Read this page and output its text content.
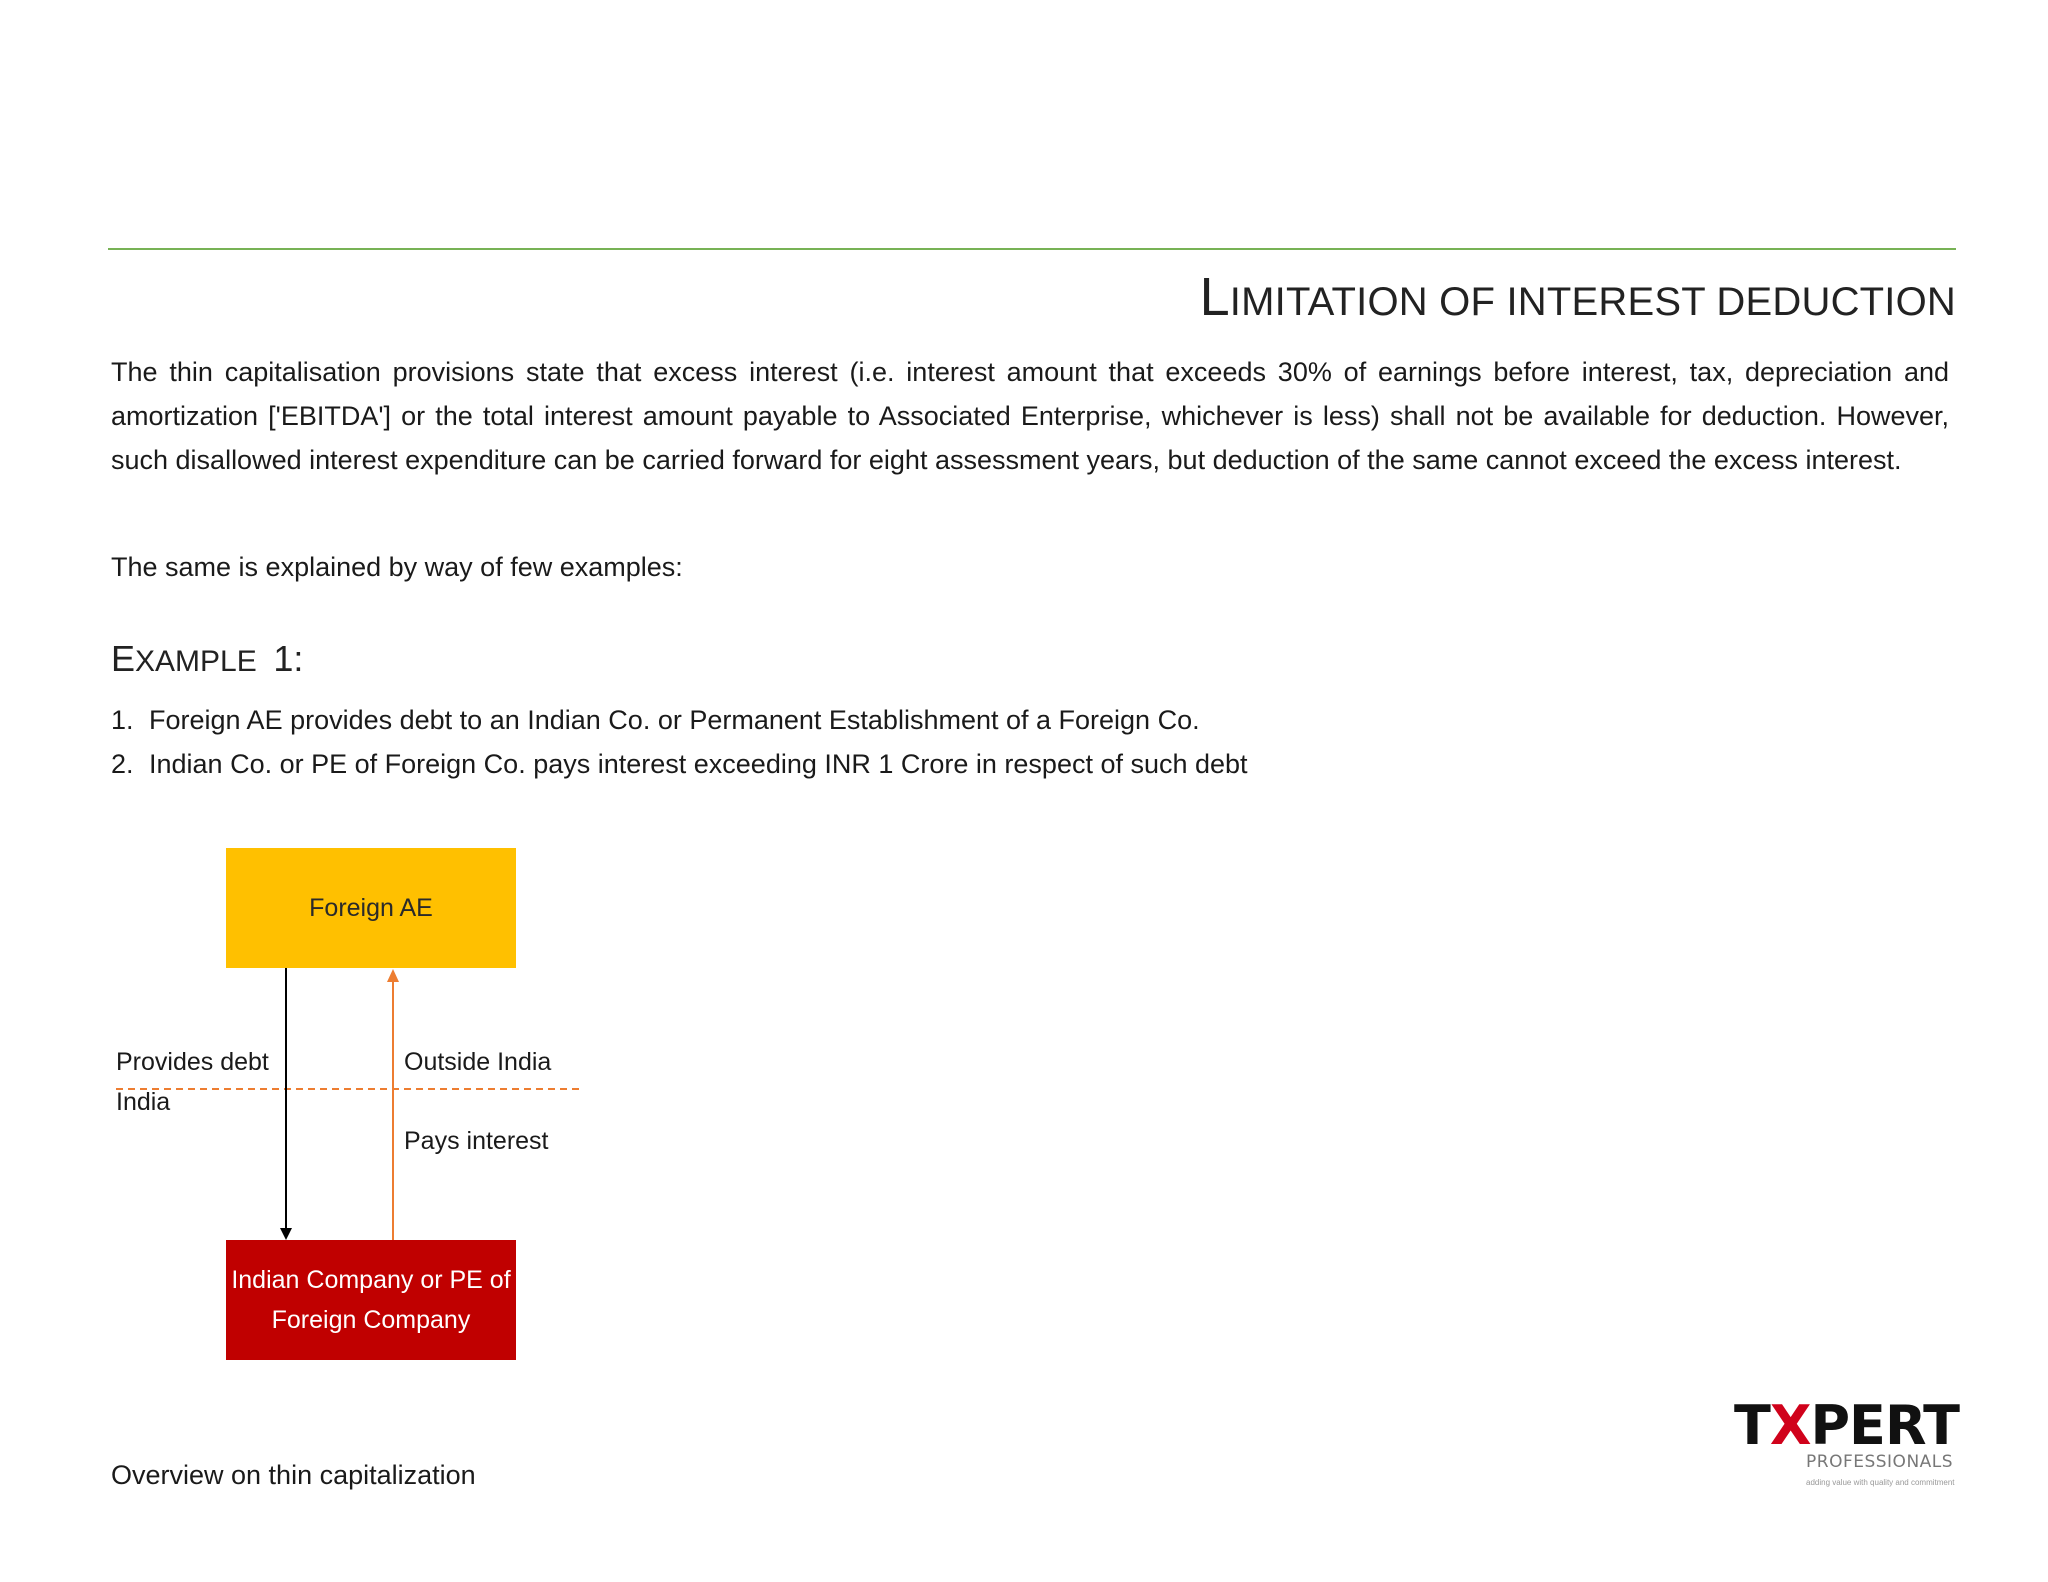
LIMITATION OF INTEREST DEDUCTION

The thin capitalisation provisions state that excess interest (i.e. interest amount that exceeds 30% of earnings before interest, tax, depreciation and amortization ['EBITDA'] or the total interest amount payable to Associated Enterprise, whichever is less) shall not be available for deduction. However, such disallowed interest expenditure can be carried forward for eight assessment years, but deduction of the same cannot exceed the excess interest.

The same is explained by way of few examples:

EXAMPLE 1:
1. Foreign AE provides debt to an Indian Co. or Permanent Establishment of a Foreign Co.
2. Indian Co. or PE of Foreign Co. pays interest exceeding INR 1 Crore in respect of such debt
Foreign AE
Indian Company or PE of
Foreign Company
Provides debt
India
Outside India
Pays interest
Overview on thin capitalization
TXPERT
PROFESSIONALS
adding value with quality and commitment
